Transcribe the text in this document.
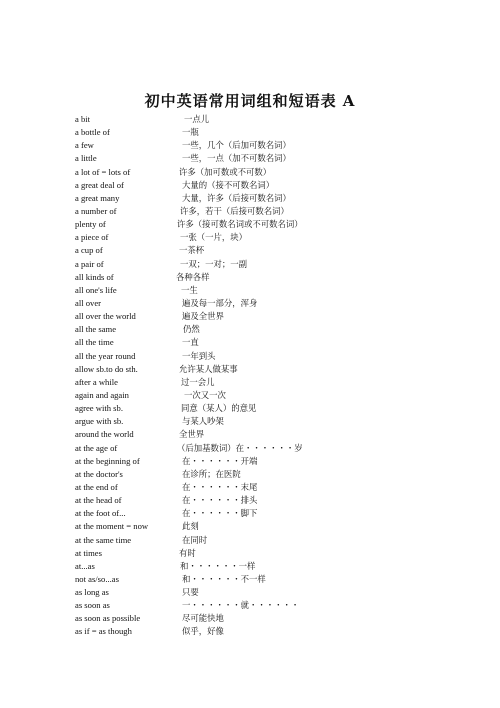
初中英语常用词组和短语表 A
a bit	一点儿
a bottle of	一瓶
a few	一些，几个（后加可数名词）
a little	一些，一点（加不可数名词）
a lot of = lots of	许多（加可数或不可数）
a great deal of	大量的（接不可数名词）
a great many	大量，许多（后接可数名词）
a number of	许多，若干（后接可数名词）
plenty of	许多（接可数名词或不可数名词）
a piece of	一张（一片，块）
a cup of	一茶杯
a pair of	一双；一对；一副
all kinds of	各种各样
all one's life	一生
all over	遍及每一部分，浑身
all over the world	遍及全世界
all the same	仍然
all the time	一直
all the year round	一年到头
allow sb.to do sth.	允许某人做某事
after a while	过一会儿
again and again	一次又一次
agree with sb.	同意（某人）的意见
argue with sb.	与某人吵架
around the world	全世界
at the age of	（后加基数词）在・・・・・・岁
at the beginning of	在・・・・・・开端
at the doctor's	在诊所；在医院
at the end of	在・・・・・・末尾
at the head of	在・・・・・・排头
at the foot of...	在・・・・・・脚下
at the moment = now	此刻
at the same time	在同时
at times	有时
at...as	和・・・・・・一样
not as/so...as	和・・・・・・不一样
as long as	只要
as soon as	一・・・・・・就・・・・・・
as soon as possible	尽可能快地
as if = as though	似乎，好像
